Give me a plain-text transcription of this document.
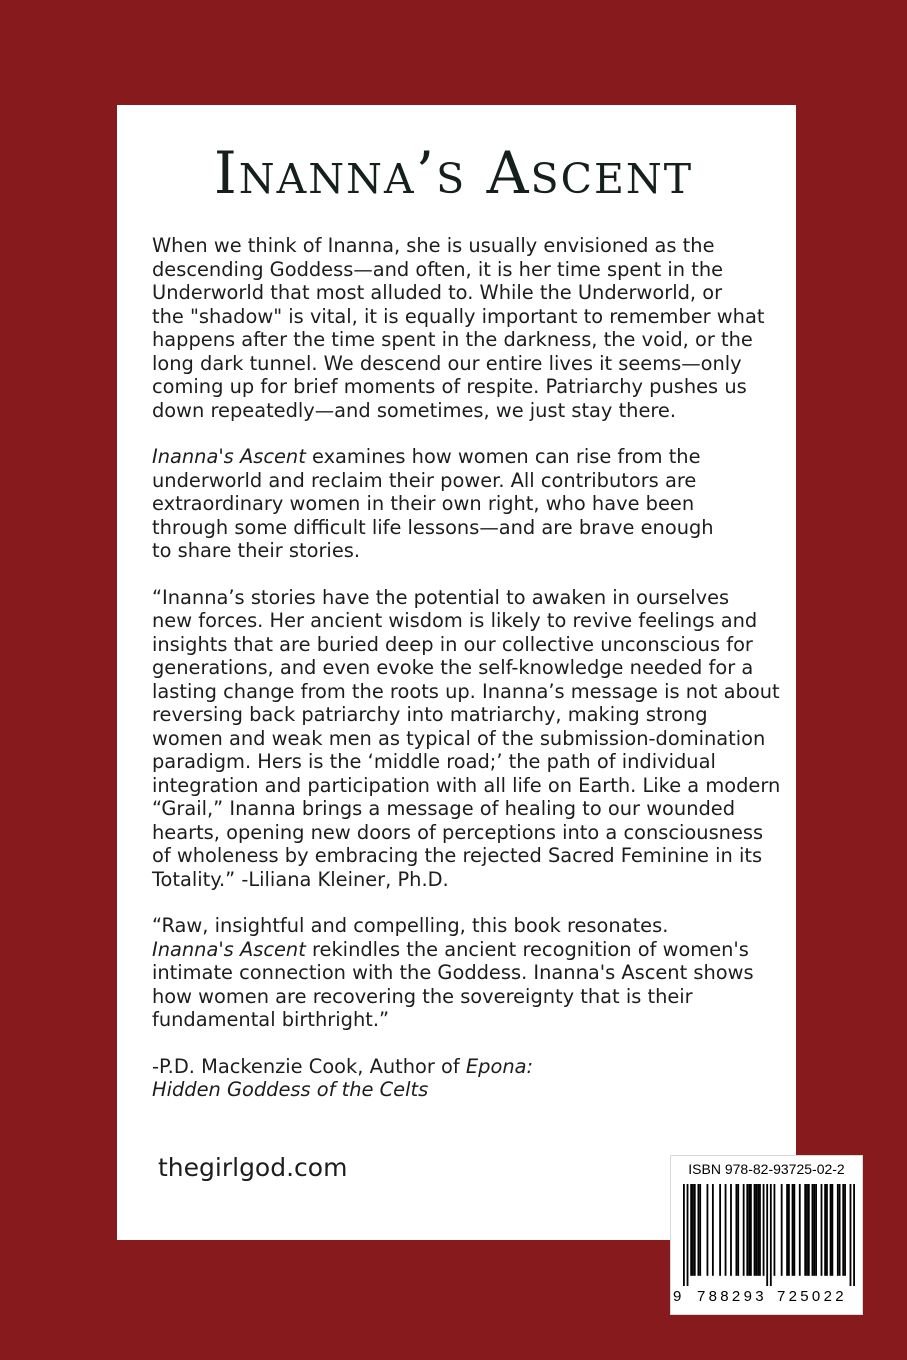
Inanna’s Ascent

When we think of Inanna, she is usually envisioned as the
descending Goddess—and often, it is her time spent in the
Underworld that most alluded to. While the Underworld, or
the "shadow" is vital, it is equally important to remember what
happens after the time spent in the darkness, the void, or the
long dark tunnel. We descend our entire lives it seems—only
coming up for brief moments of respite. Patriarchy pushes us
down repeatedly—and sometimes, we just stay there.

Inanna's Ascent examines how women can rise from the
underworld and reclaim their power. All contributors are
extraordinary women in their own right, who have been
through some difficult life lessons—and are brave enough
to share their stories.

“Inanna’s stories have the potential to awaken in ourselves
new forces. Her ancient wisdom is likely to revive feelings and
insights that are buried deep in our collective unconscious for
generations, and even evoke the self-knowledge needed for a
lasting change from the roots up. Inanna’s message is not about
reversing back patriarchy into matriarchy, making strong
women and weak men as typical of the submission-domination
paradigm. Hers is the ‘middle road;’ the path of individual
integration and participation with all life on Earth. Like a modern
“Grail,” Inanna brings a message of healing to our wounded
hearts, opening new doors of perceptions into a consciousness
of wholeness by embracing the rejected Sacred Feminine in its
Totality.” -Liliana Kleiner, Ph.D.

“Raw, insightful and compelling, this book resonates.
Inanna's Ascent rekindles the ancient recognition of women's
intimate connection with the Goddess. Inanna's Ascent shows
how women are recovering the sovereignty that is their
fundamental birthright.”

-P.D. Mackenzie Cook, Author of Epona:
Hidden Goddess of the Celts

thegirlgod.com	ISBN 978-82-93725-02-2
9 788293 725022
